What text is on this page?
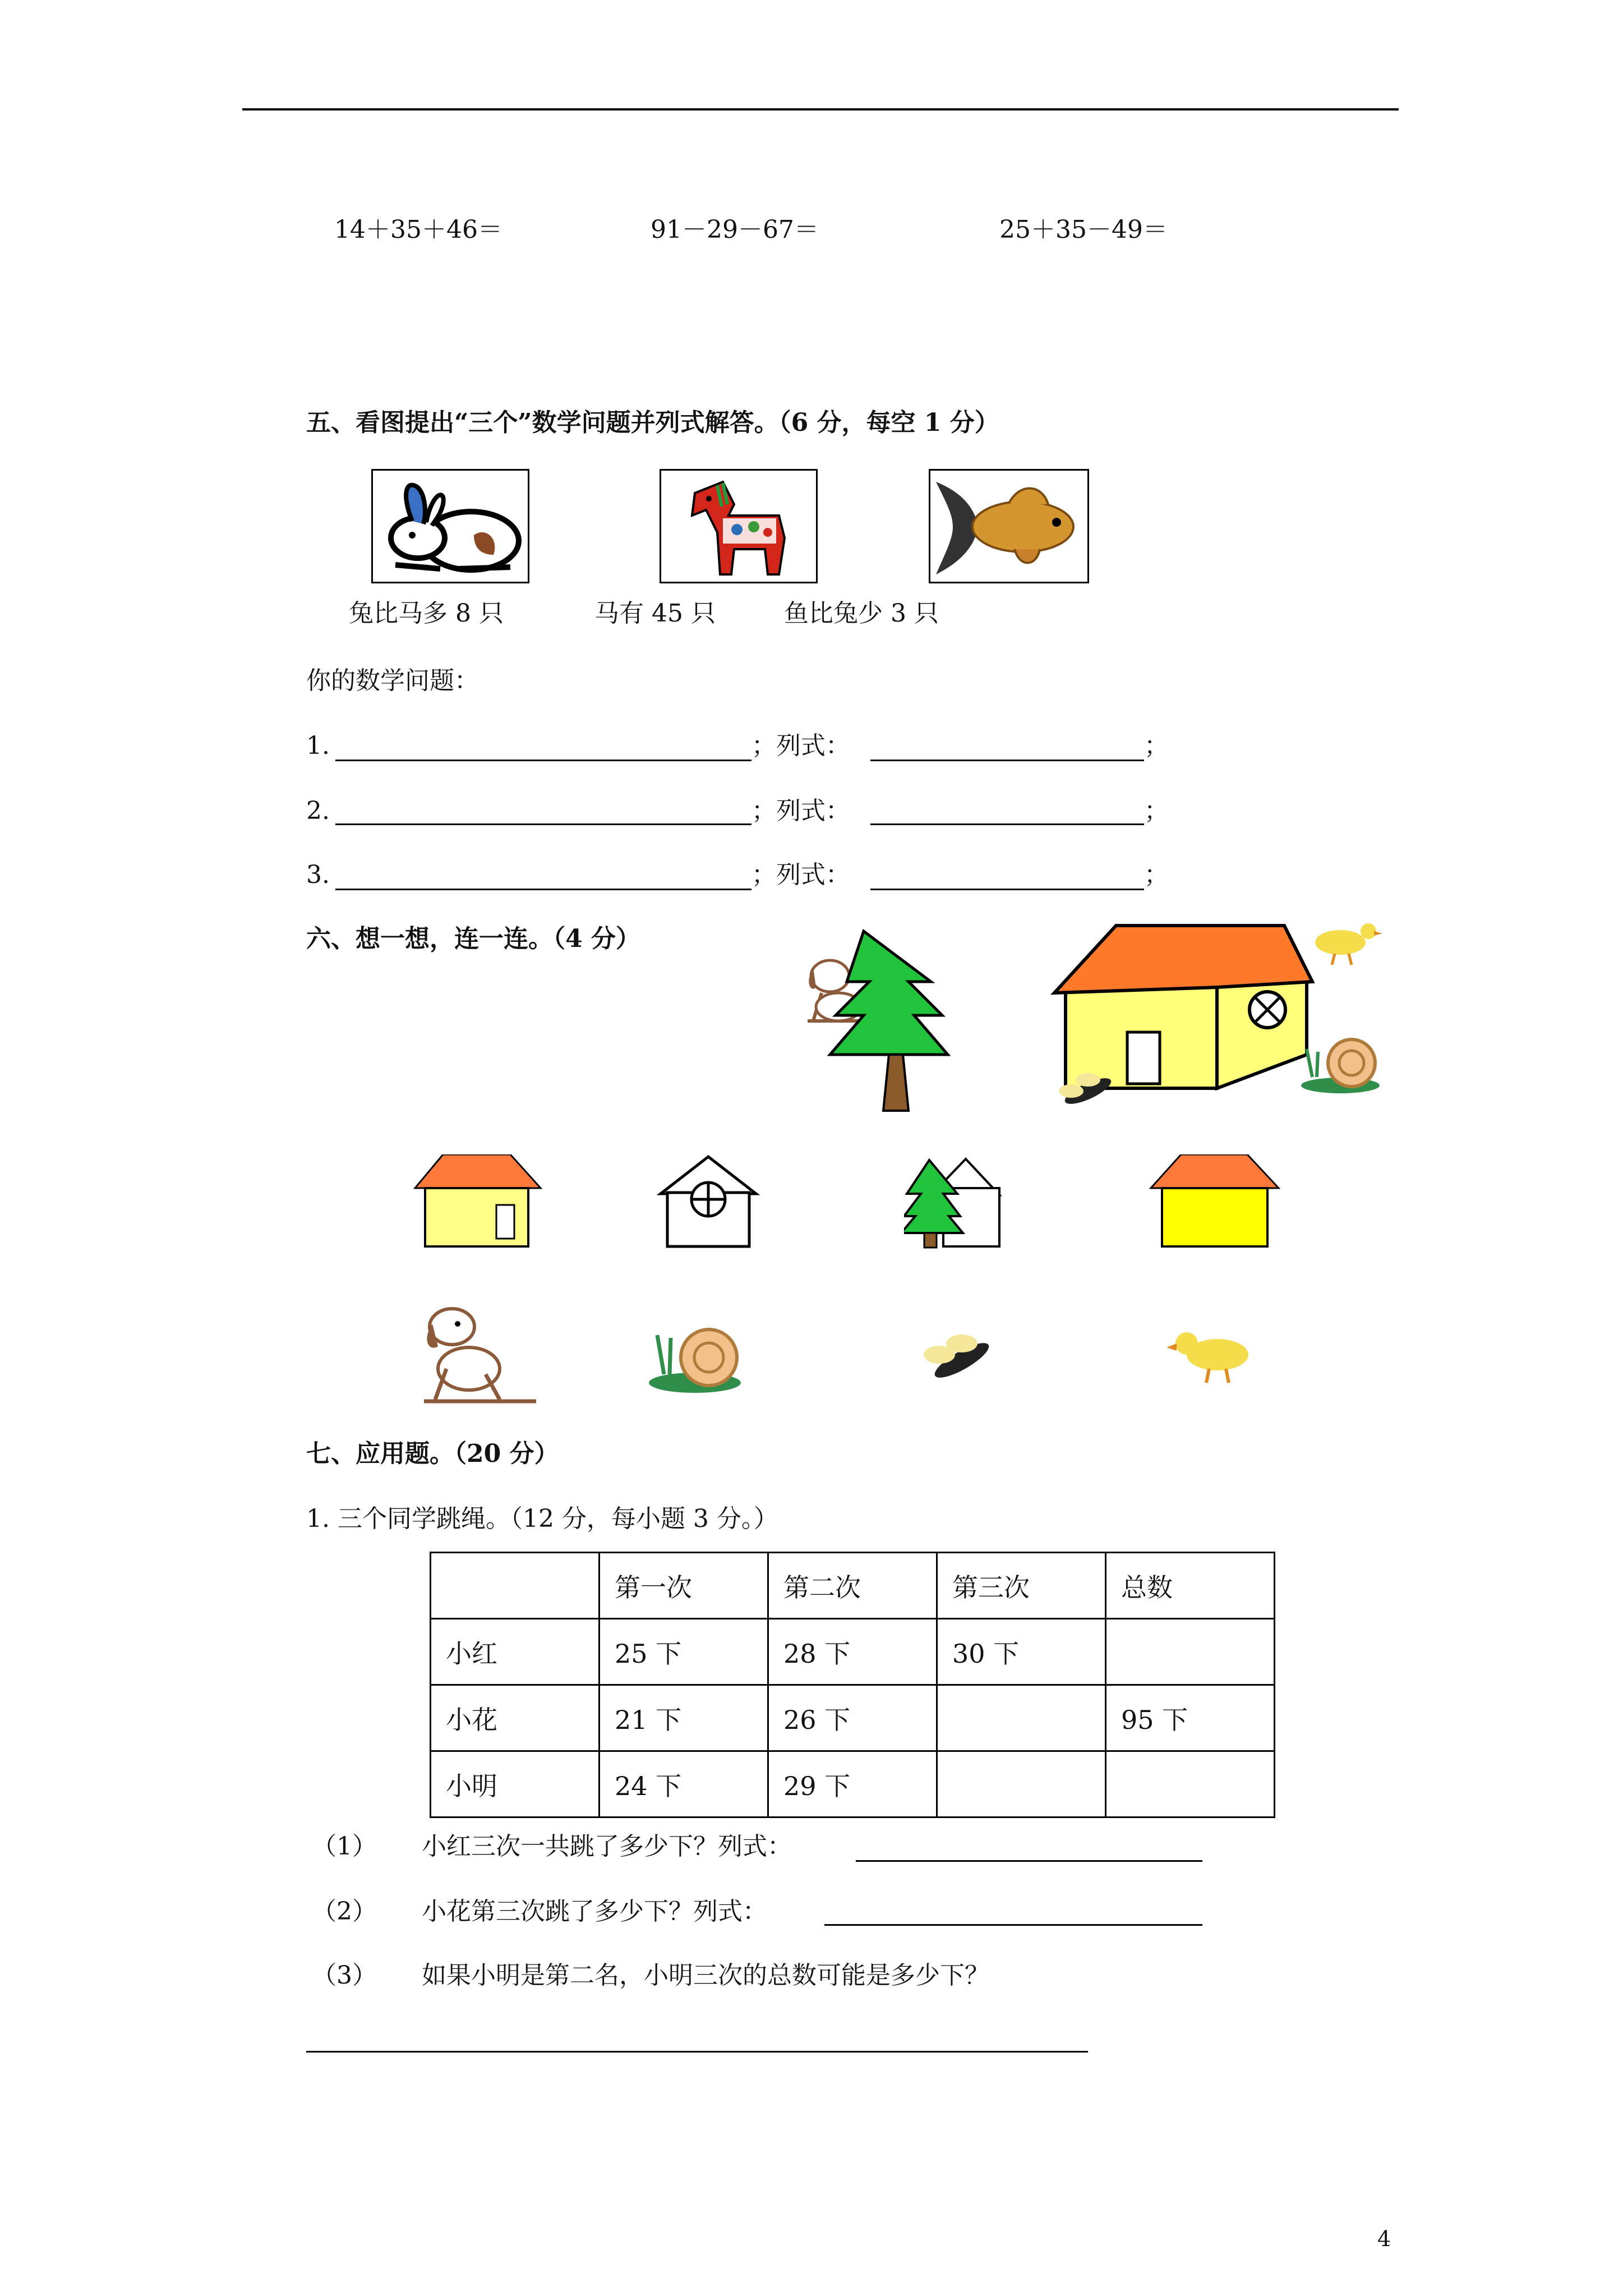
14＋35＋46＝	91－29－67＝	25＋35－49＝
五、看图提出“三个”数学问题并列式解答。（6 分，每空 1 分）
兔比马多 8 只	马有 45 只	鱼比兔少 3 只
你的数学问题：
1.	；列式：	；
2.	；列式：	；
3.	；列式：	；
六、想一想，连一连。（4 分）
七、应用题。（20 分）
1. 三个同学跳绳。（12 分，每小题 3 分。）
	第一次	第二次	第三次	总数
小红	25 下	28 下	30 下	
小花	21 下	26 下		95 下
小明	24 下	29 下		
（1） 小红三次一共跳了多少下？列式：
（2） 小花第三次跳了多少下？列式：
（3） 如果小明是第二名，小明三次的总数可能是多少下？
4
